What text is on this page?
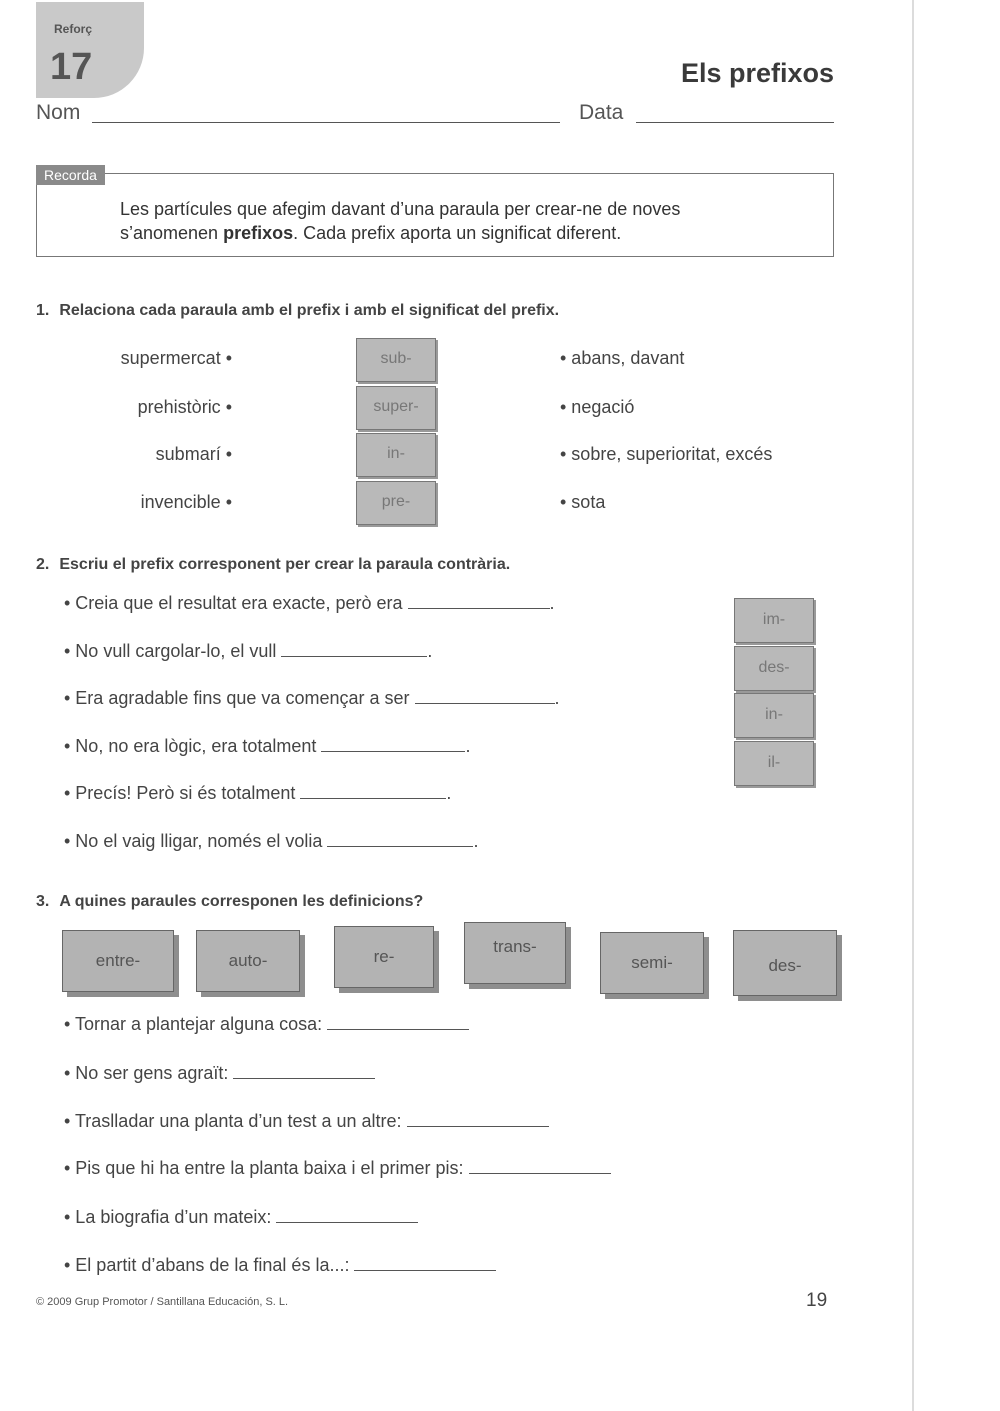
Reforç
17	Els prefixos
Nom	Data
Recorda
Les partícules que afegim davant d’una paraula per crear-ne de noves
s’anomenen prefixos. Cada prefix aporta un significat diferent.
1. Relaciona cada paraula amb el prefix i amb el significat del prefix.
supermercat •
prehistòric •
submarí •
invencible •
sub-
super-
in-
pre-
• abans, davant
• negació
• sobre, superioritat, excés
• sota
2. Escriu el prefix corresponent per crear la paraula contrària.
• Creia que el resultat era exacte, però era	.
• No vull cargolar-lo, el vull	.
• Era agradable fins que va començar a ser	.
• No, no era lògic, era totalment	.
• Precís! Però si és totalment	.
• No el vaig lligar, només el volia	.
im-
des-
in-
il-
3. A quines paraules corresponen les definicions?
entre-	auto-	re-
trans-
semi-	des-
• Tornar a plantejar alguna cosa:
• No ser gens agraït:
• Traslladar una planta d’un test a un altre:
• Pis que hi ha entre la planta baixa i el primer pis:
• La biografia d’un mateix:
• El partit d’abans de la final és la...:
© 2009 Grup Promotor / Santillana Educación, S. L.	19
